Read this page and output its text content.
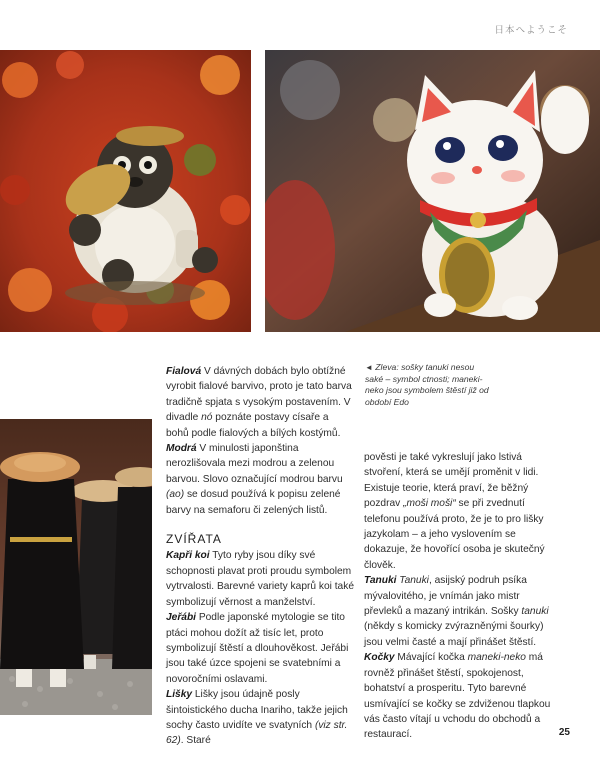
日本へようこそ
◄ Zleva: sošky tanuki nesou saké – symbol ctnosti; maneki-neko jsou symbolem štěstí již od období Edo

Fialová V dávných dobách bylo obtížné vyrobit fialové barvivo, proto je tato barva tradičně spjata s vysokým postavením. V divadle nó poznáte postavy císaře a bohů podle fialových a bílých kostýmů.

Modrá V minulosti japonština nerozlišovala mezi modrou a zelenou barvou. Slovo označující modrou barvu (ao) se dosud používá k popisu zelené barvy na semaforu či zelených listů.

ZVÍŘATA

Kapři koi Tyto ryby jsou díky své schopnosti plavat proti proudu symbolem vytrvalosti. Barevné variety kaprů koi také symbolizují věrnost a manželství.

Jeřábi Podle japonské mytologie se tito ptáci mohou dožít až tisíc let, proto symbolizují štěstí a dlouhověkost. Jeřábi jsou také úzce spojeni se svatebními a novoročními oslavami.

Lišky Lišky jsou údajně posly šintoistického ducha Inariho, takže jejich sochy často uvidíte ve svatyních (viz str. 62). Staré

pověsti je také vykreslují jako lstivá stvoření, která se umějí proměnit v lidi. Existuje teorie, která praví, že běžný pozdrav „moši moši“ se při zvednutí telefonu používá proto, že je to pro lišky jazykolam – a jeho vyslovením se dokazuje, že hovořící osoba je skutečný člověk.

Tanuki Tanuki, asijský podruh psíka mývalovitého, je vnímán jako mistr převleků a mazaný intrikán. Sošky tanuki (někdy s komicky zvýrazněnými šourky) jsou velmi časté a mají přinášet štěstí.

Kočky Mávající kočka maneki-neko má rovněž přinášet štěstí, spokojenost, bohatství a prosperitu. Tyto barevné usmívající se kočky se zdviženou tlapkou vás často vítají u vchodu do obchodů a restaurací.	25
